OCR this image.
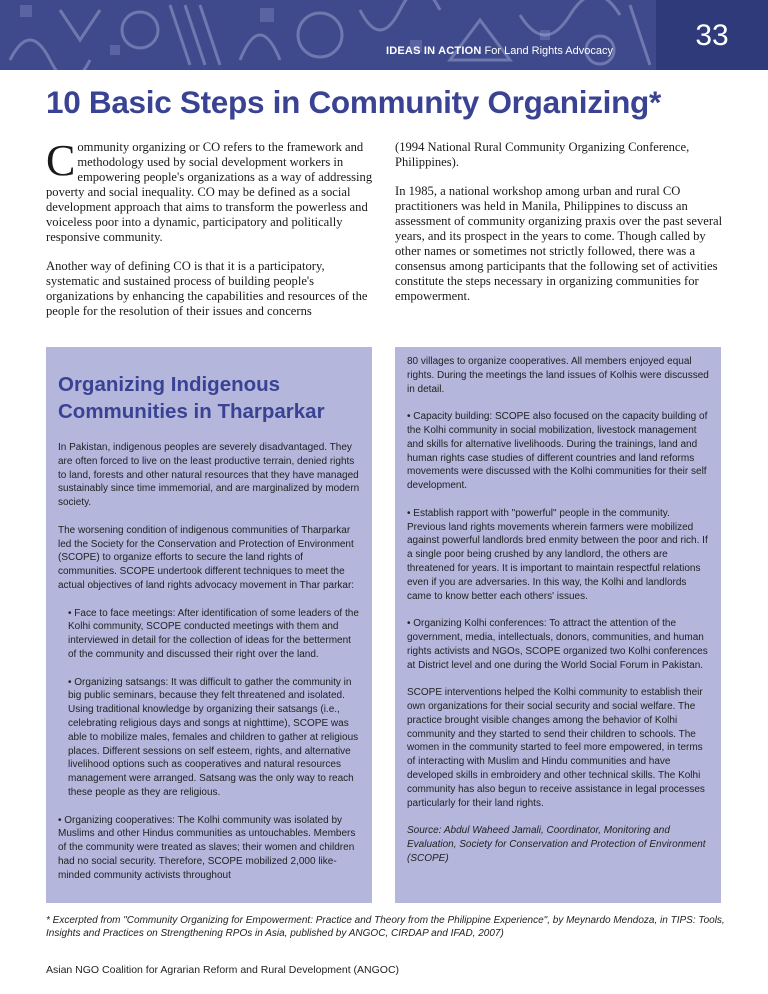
IDEAS IN ACTION For Land Rights Advocacy	33
10 Basic Steps in Community Organizing*

Community organizing or CO refers to the framework and methodology used by social development workers in empowering people's organizations as a way of addressing poverty and social inequality. CO may be defined as a social development approach that aims to transform the powerless and voiceless poor into a dynamic, participatory and politically responsive community.

Another way of defining CO is that it is a participatory, systematic and sustained process of building people's organizations by enhancing the capabilities and resources of the people for the resolution of their issues and concerns

(1994 National Rural Community Organizing Conference, Philippines).

In 1985, a national workshop among urban and rural CO practitioners was held in Manila, Philippines to discuss an assessment of community organizing praxis over the past several years, and its prospect in the years to come. Though called by other names or sometimes not strictly followed, there was a consensus among participants that the following set of activities constitute the steps necessary in organizing communities for empowerment.

Organizing Indigenous Communities in Tharparkar

In Pakistan, indigenous peoples are severely disadvantaged. They are often forced to live on the least productive terrain, denied rights to land, forests and other natural resources that they have managed sustainably since time immemorial, and are marginalized by modern society.

The worsening condition of indigenous communities of Tharparkar led the Society for the Conservation and Protection of Environment (SCOPE) to organize efforts to secure the land rights of communities. SCOPE undertook different techniques to meet the actual objectives of land rights advocacy movement in Thar parkar:

• Face to face meetings: After identification of some leaders of the Kolhi community, SCOPE conducted meetings with them and interviewed in detail for the collection of ideas for the betterment of the community and discussed their right over the land.

• Organizing satsangs: It was difficult to gather the community in big public seminars, because they felt threatened and isolated. Using traditional knowledge by organizing their satsangs (i.e., celebrating religious days and songs at nighttime), SCOPE was able to mobilize males, females and children to gather at religious places. Different sessions on self esteem, rights, and alternative livelihood options such as cooperatives and natural resources management were arranged. Satsang was the only way to reach these people as they are religious.

• Organizing cooperatives: The Kolhi community was isolated by Muslims and other Hindus communities as untouchables. Members of the community were treated as slaves; their women and children had no social security. Therefore, SCOPE mobilized 2,000 like-minded community activists throughout

80 villages to organize cooperatives. All members enjoyed equal rights. During the meetings the land issues of Kolhis were discussed in detail.

• Capacity building: SCOPE also focused on the capacity building of the Kolhi community in social mobilization, livestock management and skills for alternative livelihoods. During the trainings, land and human rights case studies of different countries and land reforms movements were discussed with the Kolhi communities for their self development.

• Establish rapport with "powerful" people in the community. Previous land rights movements wherein farmers were mobilized against powerful landlords bred enmity between the poor and rich. If a single poor being crushed by any landlord, the others are threatened for years. It is important to maintain respectful relations even if you are adversaries. In this way, the Kolhi and landlords came to know better each others' issues.

• Organizing Kolhi conferences: To attract the attention of the government, media, intellectuals, donors, communities, and human rights activists and NGOs, SCOPE organized two Kolhi conferences at District level and one during the World Social Forum in Pakistan.

SCOPE interventions helped the Kolhi community to establish their own organizations for their social security and social welfare. The practice brought visible changes among the behavior of Kolhi community and they started to send their children to schools. The women in the community started to feel more empowered, in terms of interacting with Muslim and Hindu communities and have developed skills in embroidery and other technical skills. The Kolhi community has also begun to receive assistance in legal processes particularly for their land rights.

Source: Abdul Waheed Jamali, Coordinator, Monitoring and Evaluation, Society for Conservation and Protection of Environment (SCOPE)

* Excerpted from "Community Organizing for Empowerment: Practice and Theory from the Philippine Experience", by Meynardo Mendoza, in TIPS: Tools, Insights and Practices on Strengthening RPOs in Asia, published by ANGOC, CIRDAP and IFAD, 2007)
Asian NGO Coalition for Agrarian Reform and Rural Development (ANGOC)
